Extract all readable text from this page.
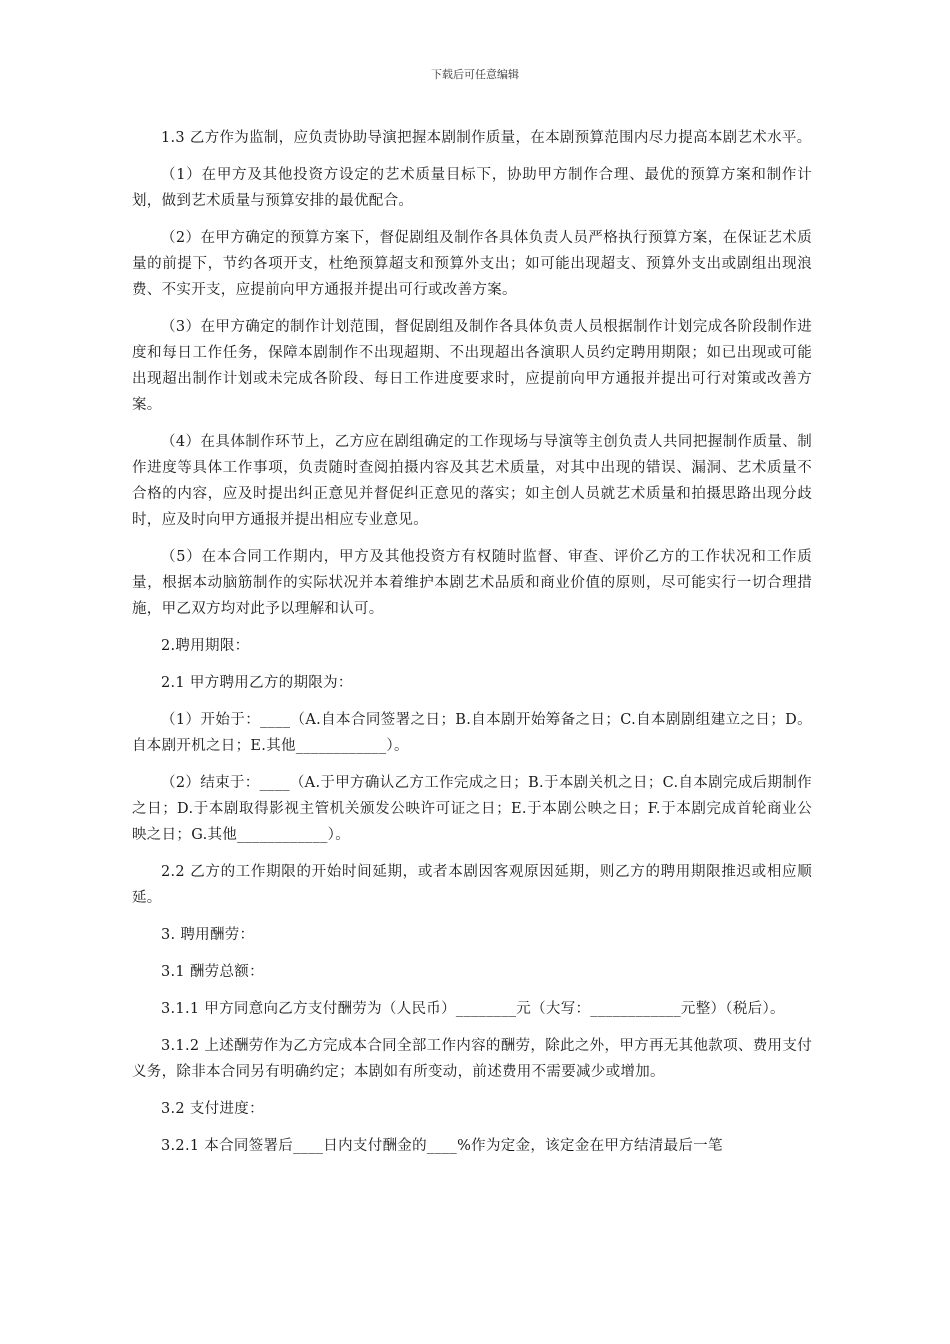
下载后可任意编辑

1.3 乙方作为监制，应负责协助导演把握本剧制作质量，在本剧预算范围内尽力提高本剧艺术水平。

（1）在甲方及其他投资方设定的艺术质量目标下，协助甲方制作合理、最优的预算方案和制作计划，做到艺术质量与预算安排的最优配合。

（2）在甲方确定的预算方案下，督促剧组及制作各具体负责人员严格执行预算方案，在保证艺术质量的前提下，节约各项开支，杜绝预算超支和预算外支出；如可能出现超支、预算外支出或剧组出现浪费、不实开支，应提前向甲方通报并提出可行或改善方案。

（3）在甲方确定的制作计划范围，督促剧组及制作各具体负责人员根据制作计划完成各阶段制作进度和每日工作任务，保障本剧制作不出现超期、不出现超出各演职人员约定聘用期限；如已出现或可能出现超出制作计划或未完成各阶段、每日工作进度要求时，应提前向甲方通报并提出可行对策或改善方案。

（4）在具体制作环节上，乙方应在剧组确定的工作现场与导演等主创负责人共同把握制作质量、制作进度等具体工作事项，负责随时查阅拍摄内容及其艺术质量，对其中出现的错误、漏洞、艺术质量不合格的内容，应及时提出纠正意见并督促纠正意见的落实；如主创人员就艺术质量和拍摄思路出现分歧时，应及时向甲方通报并提出相应专业意见。

（5）在本合同工作期内，甲方及其他投资方有权随时监督、审查、评价乙方的工作状况和工作质量，根据本动脑筋制作的实际状况并本着维护本剧艺术品质和商业价值的原则，尽可能实行一切合理措施，甲乙双方均对此予以理解和认可。

2.聘用期限：

2.1 甲方聘用乙方的期限为：

（1）开始于：____（A.自本合同签署之日；B.自本剧开始筹备之日；C.自本剧剧组建立之日；D。自本剧开机之日；E.其他____________）。

（2）结束于：____（A.于甲方确认乙方工作完成之日；B.于本剧关机之日；C.自本剧完成后期制作之日；D.于本剧取得影视主管机关颁发公映许可证之日；E.于本剧公映之日；F.于本剧完成首轮商业公映之日；G.其他____________）。

2.2 乙方的工作期限的开始时间延期，或者本剧因客观原因延期，则乙方的聘用期限推迟或相应顺延。

3. 聘用酬劳：

3.1 酬劳总额：

3.1.1 甲方同意向乙方支付酬劳为（人民币）________元（大写：____________元整）（税后）。

3.1.2 上述酬劳作为乙方完成本合同全部工作内容的酬劳，除此之外，甲方再无其他款项、费用支付义务，除非本合同另有明确约定；本剧如有所变动，前述费用不需要减少或增加。

3.2 支付进度：

3.2.1 本合同签署后____日内支付酬金的____%作为定金，该定金在甲方结清最后一笔
